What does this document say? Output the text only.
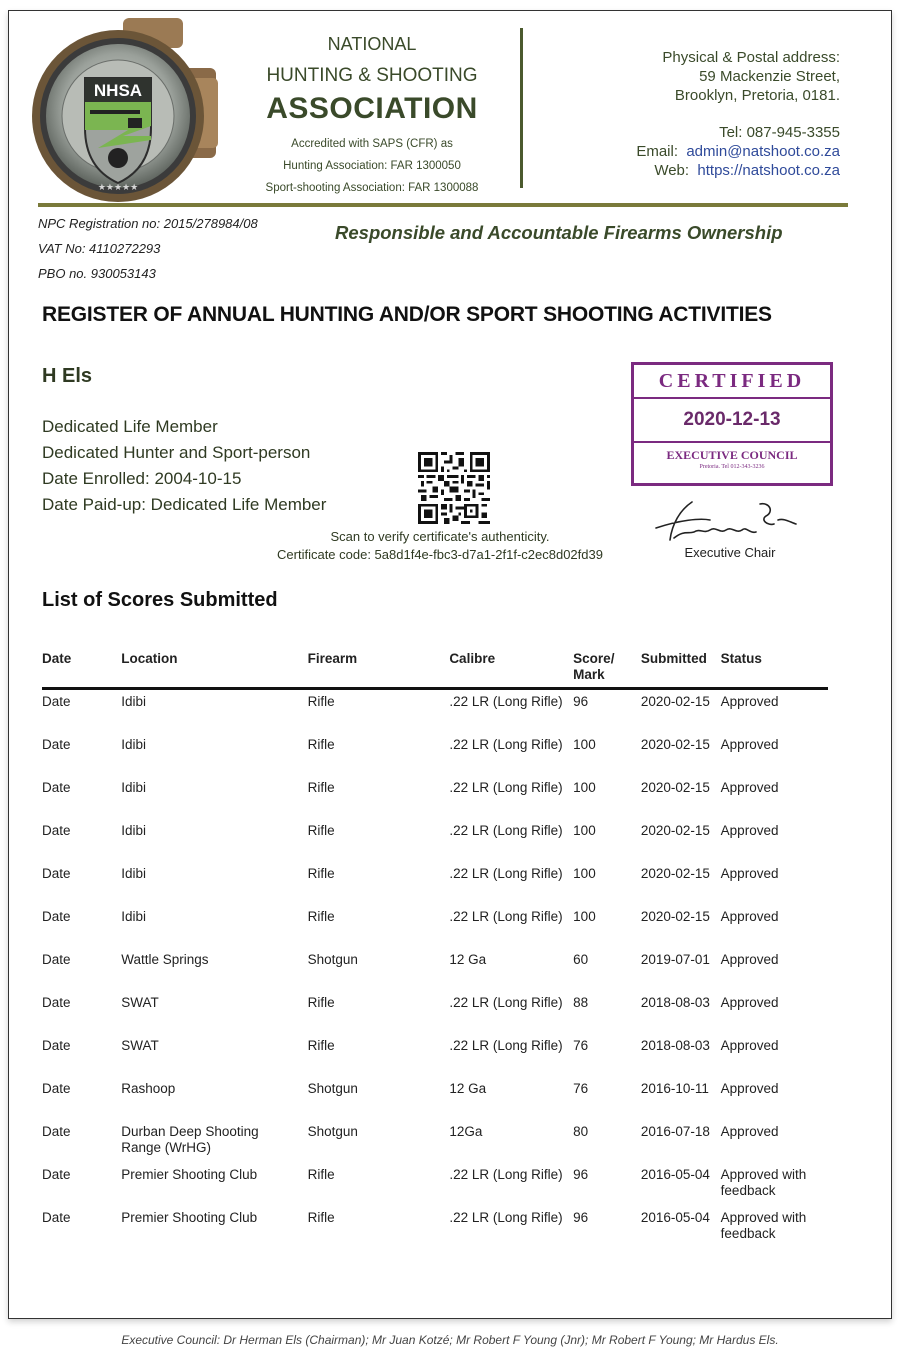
NHSA
★★★★★
NATIONAL
HUNTING & SHOOTING
ASSOCIATION
Accredited with SAPS (CFR) as
Hunting Association: FAR 1300050
Sport-shooting Association: FAR 1300088
Physical & Postal address:
59 Mackenzie Street,
Brooklyn, Pretoria, 0181.
Tel: 087-945-3355
Email: admin@natshoot.co.za
Web: https://natshoot.co.za
NPC Registration no: 2015/278984/08
VAT No: 4110272293
PBO no. 930053143
Responsible and Accountable Firearms Ownership
REGISTER OF ANNUAL HUNTING AND/OR SPORT SHOOTING ACTIVITIES
H Els
Dedicated Life Member
Dedicated Hunter and Sport-person
Date Enrolled: 2004-10-15
Date Paid-up: Dedicated Life Member
Scan to verify certificate's authenticity.
Certificate code: 5a8d1f4e-fbc3-d7a1-2f1f-c2ec8d02fd39
CERTIFIED
2020-12-13
EXECUTIVE COUNCIL
Pretoria. Tel 012-343-3236
Executive Chair
List of Scores Submitted
Date	Location	Firearm	Calibre	Score/ Mark	Submitted	Status
Date	Idibi	Rifle	.22 LR (Long Rifle)	96	2020-02-15	Approved
Date	Idibi	Rifle	.22 LR (Long Rifle)	100	2020-02-15	Approved
Date	Idibi	Rifle	.22 LR (Long Rifle)	100	2020-02-15	Approved
Date	Idibi	Rifle	.22 LR (Long Rifle)	100	2020-02-15	Approved
Date	Idibi	Rifle	.22 LR (Long Rifle)	100	2020-02-15	Approved
Date	Idibi	Rifle	.22 LR (Long Rifle)	100	2020-02-15	Approved
Date	Wattle Springs	Shotgun	12 Ga	60	2019-07-01	Approved
Date	SWAT	Rifle	.22 LR (Long Rifle)	88	2018-08-03	Approved
Date	SWAT	Rifle	.22 LR (Long Rifle)	76	2018-08-03	Approved
Date	Rashoop	Shotgun	12 Ga	76	2016-10-11	Approved
Date	Durban Deep Shooting Range (WrHG)	Shotgun	12Ga	80	2016-07-18	Approved
Date	Premier Shooting Club	Rifle	.22 LR (Long Rifle)	96	2016-05-04	Approved with feedback
Date	Premier Shooting Club	Rifle	.22 LR (Long Rifle)	96	2016-05-04	Approved with feedback
Executive Council: Dr Herman Els (Chairman); Mr Juan Kotzé; Mr Robert F Young (Jnr); Mr Robert F Young; Mr Hardus Els.
